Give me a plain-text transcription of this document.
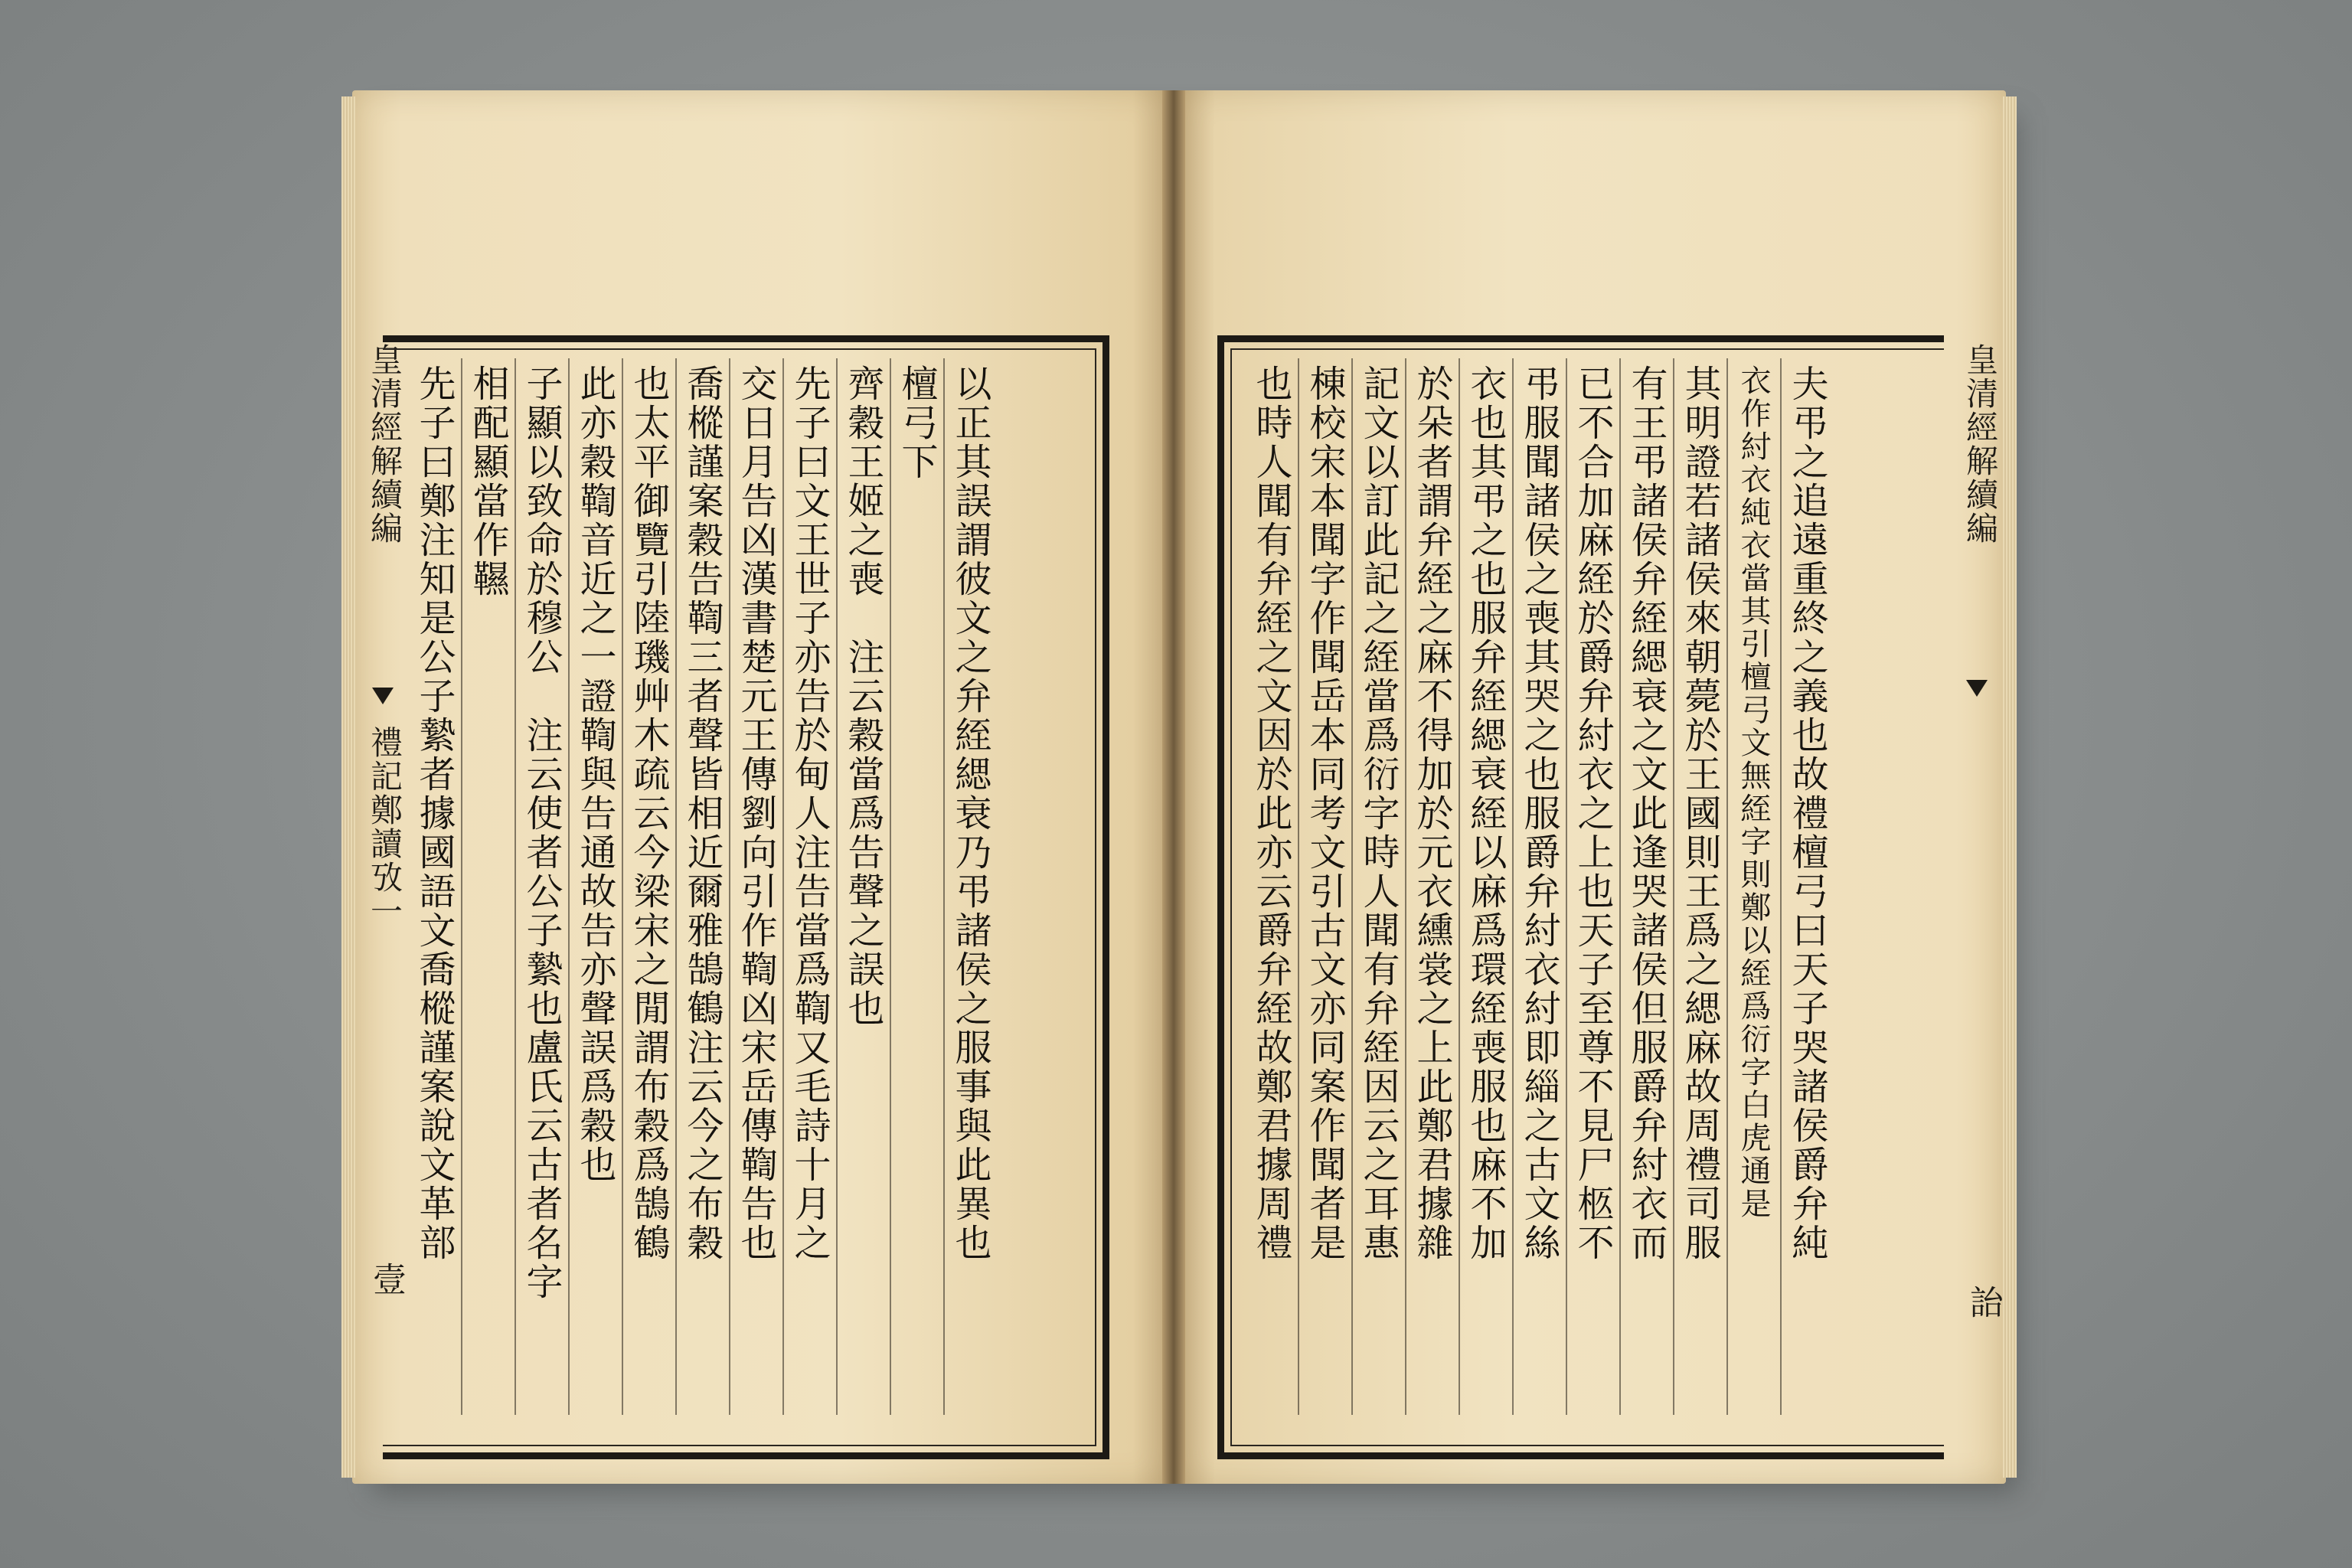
皇清經解續編
禮記鄭讀攷一
壹
以正其誤謂彼文之弁絰緦衰乃弔諸侯之服事與此異也
檀弓下
齊穀王姬之喪　注云穀當爲告聲之誤也
先子曰文王世子亦告於甸人注告當爲鞫又毛詩十月之
交日月告凶漢書楚元王傳劉向引作鞫凶宋岳傳鞫告也
喬樅謹案穀告鞫三者聲皆相近爾雅鵠鶴注云今之布穀
也太平御覽引陸璣艸木疏云今梁宋之閒謂布穀爲鵠鶴
此亦穀鞫音近之一證鞫與告通故告亦聲誤爲穀也
子顯以致命於穆公　注云使者公子縶也盧氏云古者名字
相配顯當作韅
先子曰鄭注知是公子縶者據國語文喬樅謹案說文革部	夫弔之追遠重終之義也故禮檀弓曰天子哭諸侯爵弁純
衣作紂衣純衣當其引檀弓文無絰字則鄭以絰爲衍字白虎通是
其明證若諸侯來朝薨於王國則王爲之緦麻故周禮司服
有王弔諸侯弁絰緦衰之文此逢哭諸侯但服爵弁紂衣而
已不合加麻絰於爵弁紂衣之上也天子至尊不見尸柩不
弔服聞諸侯之喪其哭之也服爵弁紂衣紂即緇之古文絲
衣也其弔之也服弁絰緦衰絰以麻爲環絰喪服也麻不加
於朵者謂弁絰之麻不得加於元衣纁裳之上此鄭君據雜
記文以訂此記之絰當爲衍字時人聞有弁絰因云之耳惠
棟校宋本聞字作聞岳本同考文引古文亦同案作聞者是
也時人聞有弁絰之文因於此亦云爵弁絰故鄭君據周禮	皇清經解續編
詒
